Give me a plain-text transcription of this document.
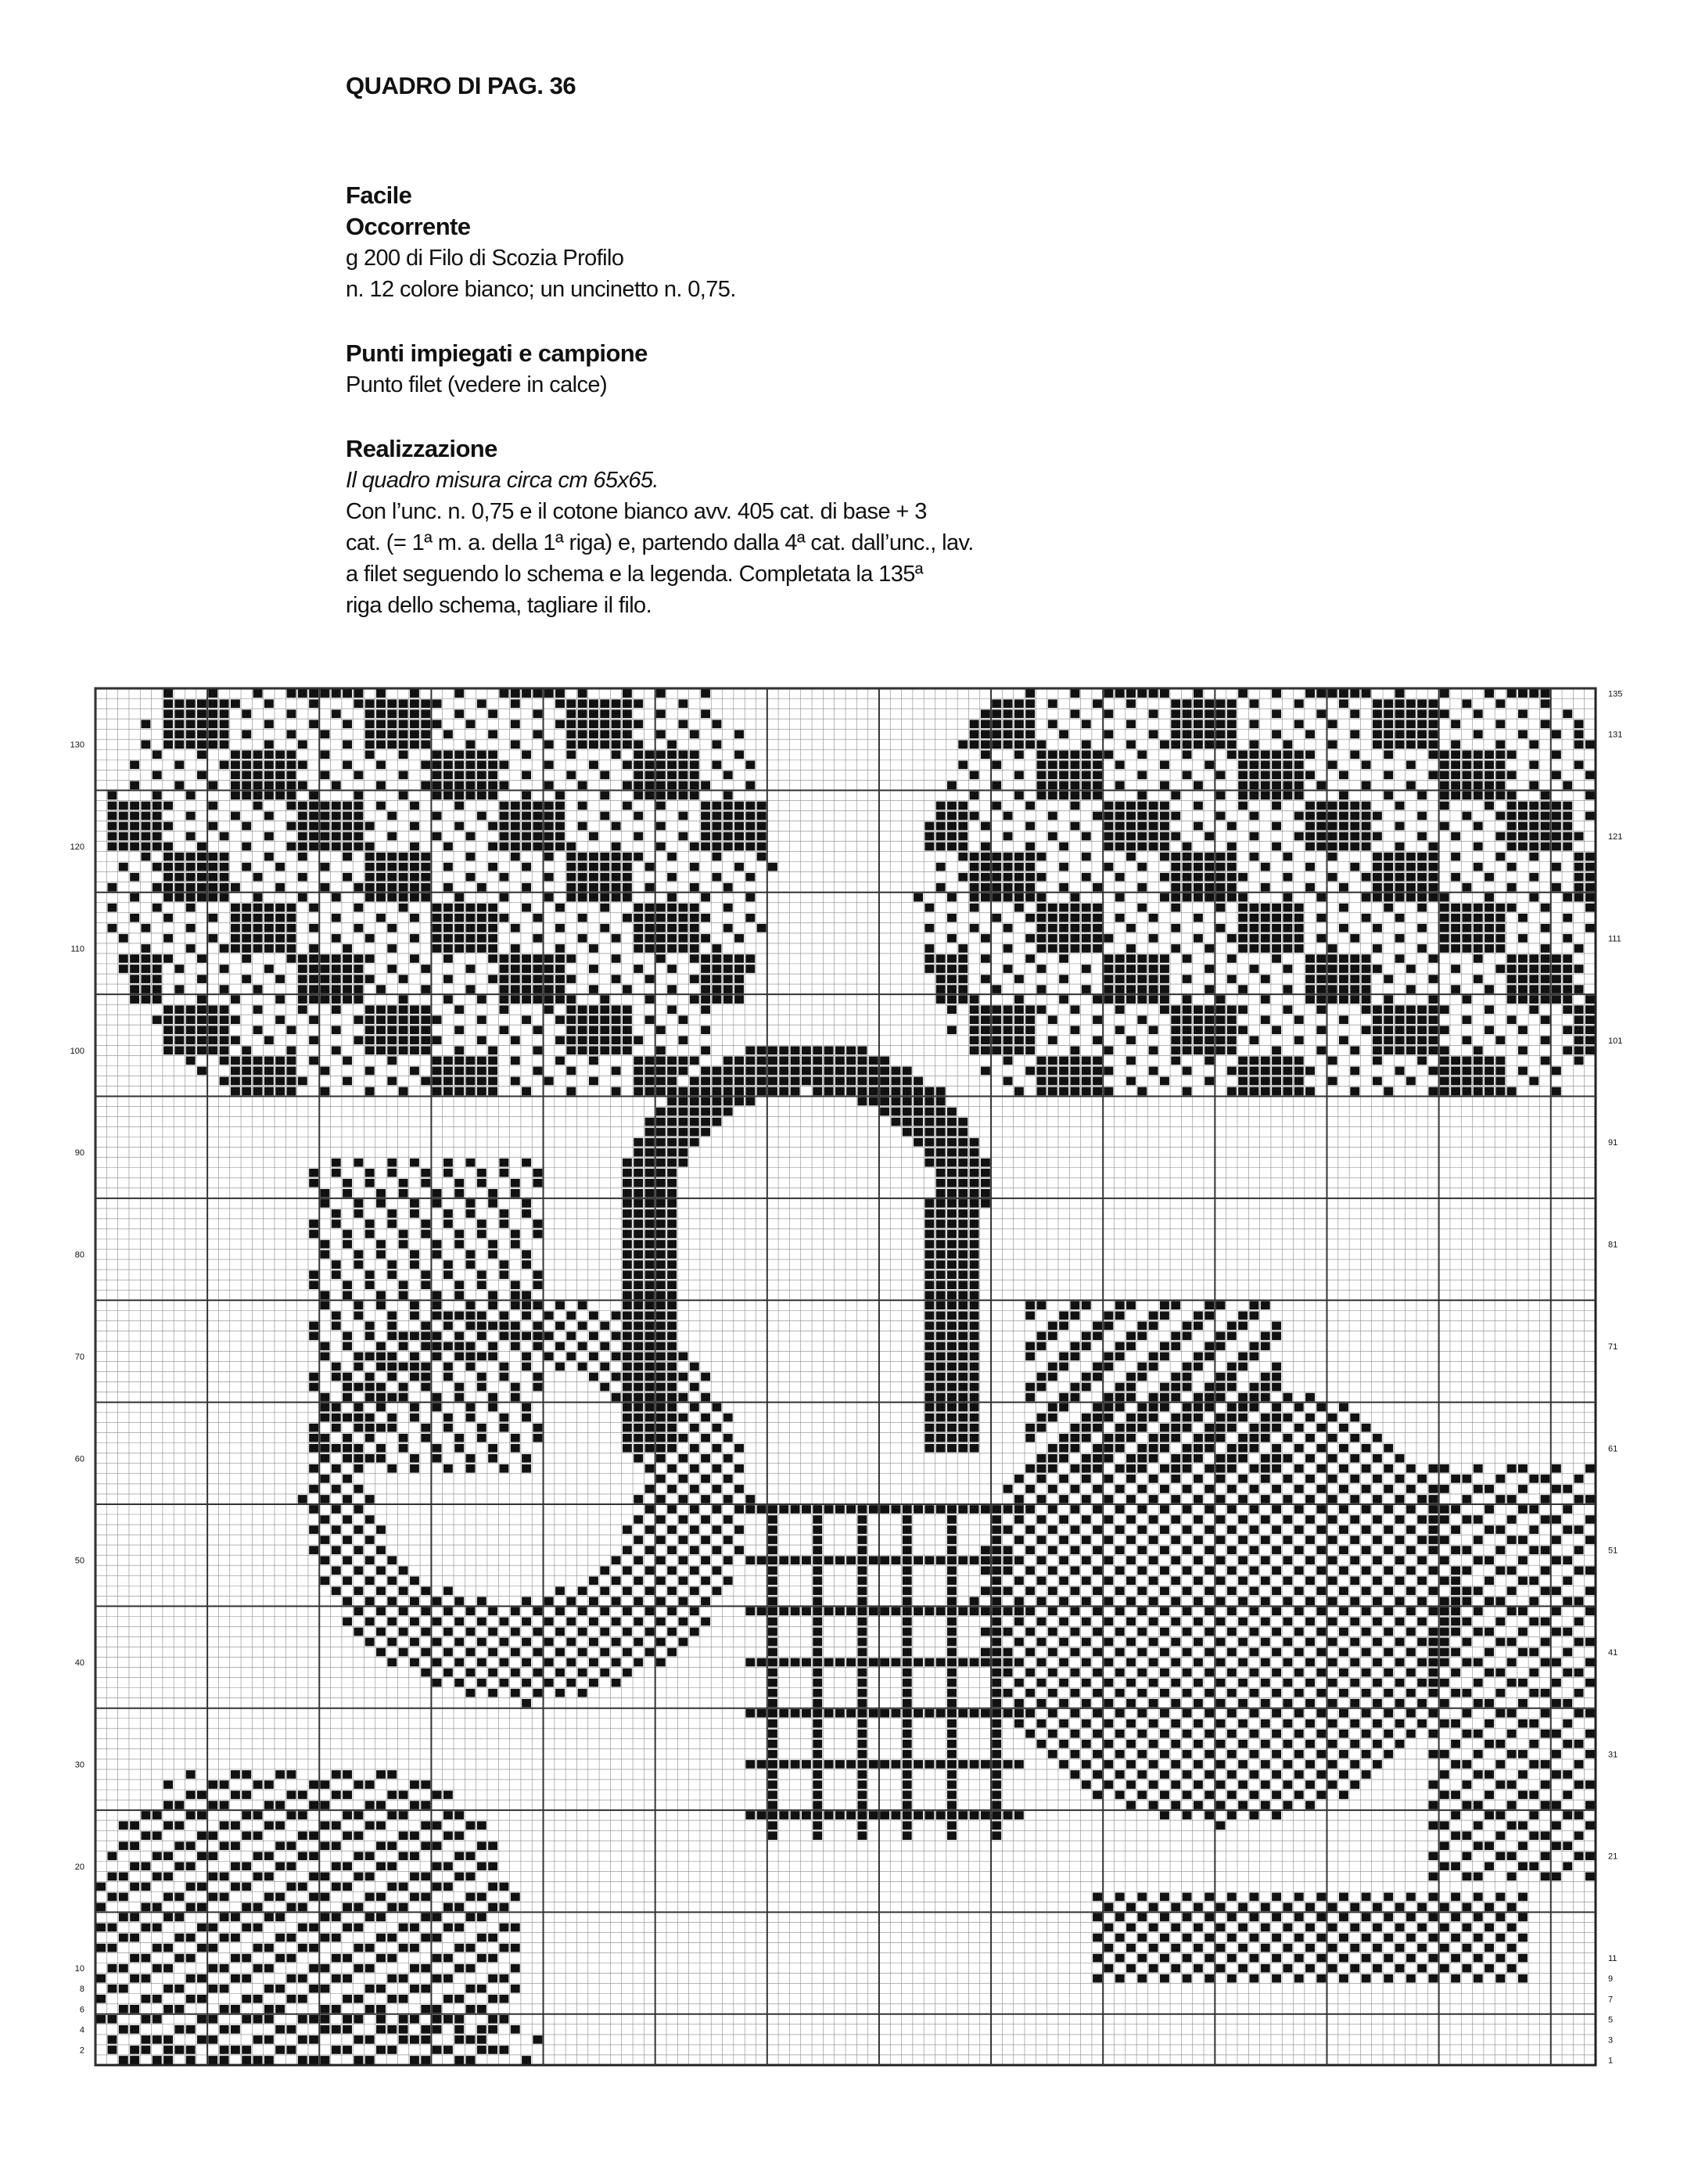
QUADRO DI PAG. 36
Facile
Occorrente
g 200 di Filo di Scozia Profilo
n. 12 colore bianco; un uncinetto n. 0,75.
Punti impiegati e campione
Punto filet (vedere in calce)
Realizzazione
Il quadro misura circa cm 65x65.
Con l’unc. n. 0,75 e il cotone bianco avv. 405 cat. di base + 3
cat. (= 1ª m. a. della 1ª riga) e, partendo dalla 4ª cat. dall’unc., lav.
a filet seguendo lo schema e la legenda. Completata la 135ª
riga dello schema, tagliare il filo.
130
120
110
100
90
80
70
60
50
40
30
20
10
8
6
4
2
135
131
121
111
101
91
81
71
61
51
41
31
21
11
9
7
5
3
1
